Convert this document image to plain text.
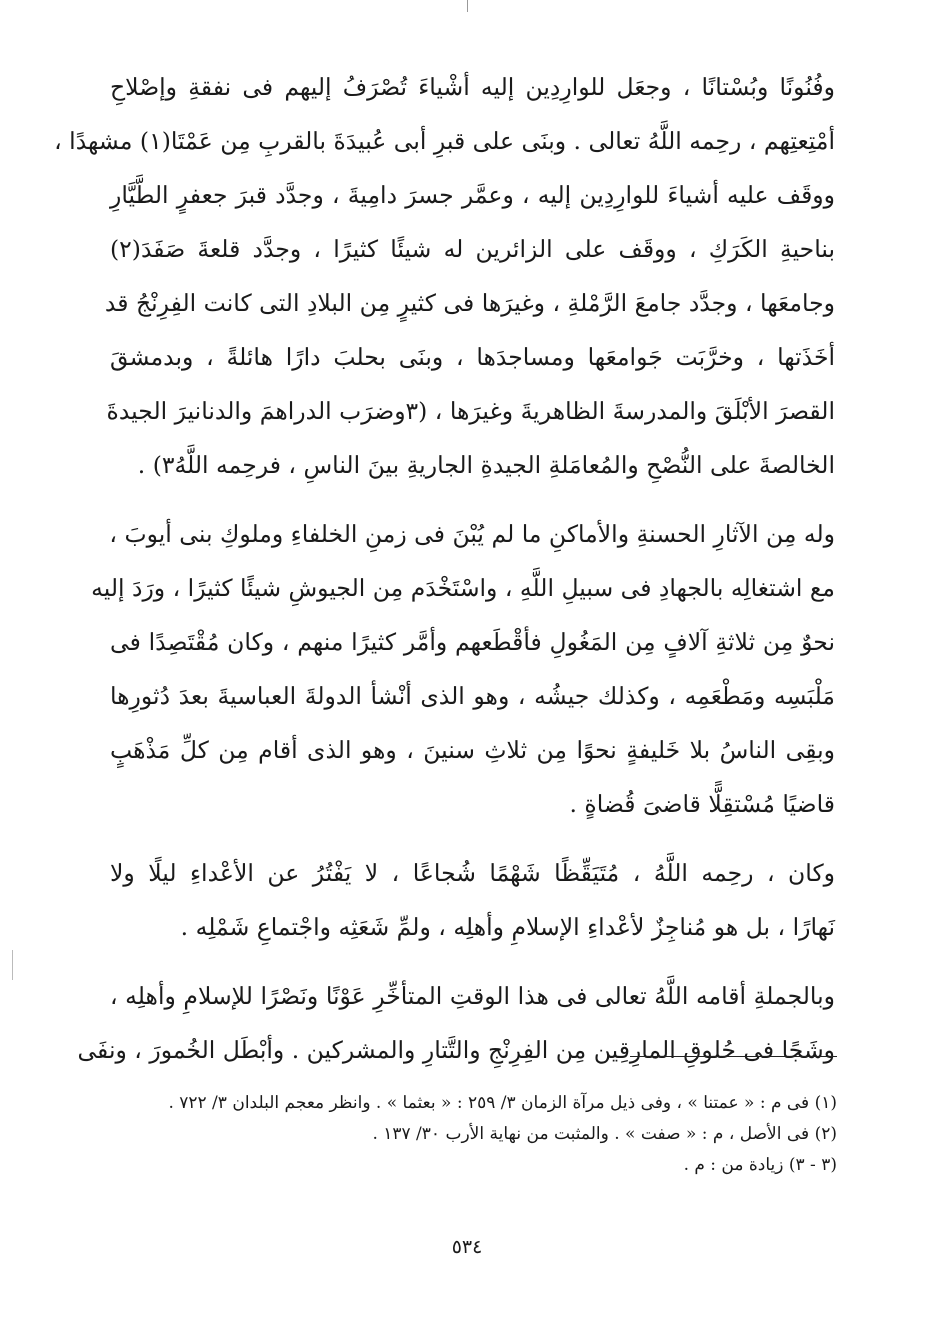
وفُنُونًا وبُسْتانًا ، وجعَل للوارِدِين إليه أشْياءَ تُصْرَفُ إليهم فى نفقةِ وإصْلاحِ
أمْتِعتِهم ، رحِمه اللَّهُ تعالى . وبنَى على قبرِ أبى عُبيدَةَ بالقربِ مِن عَمْتَا(١) مشهدًا ،
ووقَف عليه أشياءَ للوارِدِين إليه ، وعمَّر جسرَ دامِيةَ ، وجدَّد قبرَ جعفرٍ الطَّيَّارِ
بناحيةِ الكَرَكِ ، ووقَف على الزائرين له شيئًا كثيرًا ، وجدَّد قلعةَ صَفَدَ(٢)
وجامعَها ، وجدَّد جامعَ الرَّمْلةِ ، وغيرَها فى كثيرٍ مِن البلادِ التى كانت الفِرِنْجُ قد
أخَذَتها ، وخرَّبَت جَوامعَها ومساجدَها ، وبنَى بحلبَ دارًا هائلةً ، وبدمشقَ
القصرَ الأبْلَقَ والمدرسةَ الظاهريةَ وغيرَها ، (٣وضرَب الدراهمَ والدنانيرَ الجيدةَ
الخالصةَ على النُّصْحِ والمُعامَلةِ الجيدةِ الجاريةِ بينَ الناسِ ، فرحِمه اللَّهُ٣) .
وله مِن الآثارِ الحسنةِ والأماكنِ ما لم يُبْنَ فى زمنِ الخلفاءِ وملوكِ بنى أيوبَ ،
مع اشتغالِه بالجهادِ فى سبيلِ اللَّهِ ، واسْتَخْدَم مِن الجيوشِ شيئًا كثيرًا ، ورَدَ إليه
نحوٌ مِن ثلاثةِ آلافٍ مِن المَغُولِ فأقْطَعهم وأمَّر كثيرًا منهم ، وكان مُقْتَصِدًا فى
مَلْبَسِه ومَطْعَمِه ، وكذلك جيشُه ، وهو الذى أنْشأ الدولةَ العباسيةَ بعدَ دُثورِها
وبقِى الناسُ بلا خَليفةٍ نحوًا مِن ثلاثِ سنينَ ، وهو الذى أقام مِن كلِّ مَذْهَبٍ
قاضيًا مُسْتقِلًّا قاضىَ قُضاةٍ .
وكان ، رحِمه اللَّهُ ، مُتَيَقِّظًا شَهْمًا شُجاعًا ، لا يَفْتُرُ عن الأعْداءِ ليلًا ولا
نَهارًا ، بل هو مُناجِزٌ لأعْداءِ الإسلامِ وأهلِه ، ولمِّ شَعَثِه واجْتماعِ شَمْلِه .
وبالجملةِ أقامه اللَّهُ تعالى فى هذا الوقتِ المتأخِّرِ عَوْنًا ونَصْرًا للإسلامِ وأهلِه ،
وشَجًا فى حُلوقِ المارِقِين مِن الفِرِنْجِ والتَّتارِ والمشركين . وأبْطَل الخُمورَ ، ونفَى
(١) فى م : « عمتنا » ، وفى ذيل مرآة الزمان ٣/ ٢٥٩ : « بعثما » . وانظر معجم البلدان ٣/ ٧٢٢ .
(٢) فى الأصل ، م : « صفت » . والمثبت من نهاية الأرب ٣٠/ ١٣٧ .
(٣ - ٣) زيادة من : م .
٥٣٤
